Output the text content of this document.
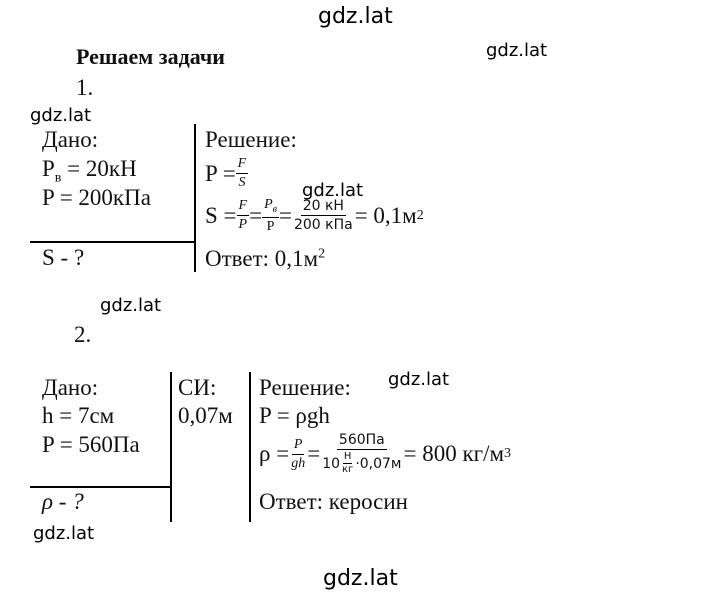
gdz.lat
gdz.lat
gdz.lat
gdz.lat
gdz.lat
gdz.lat
gdz.lat
gdz.lat
Решаем задачи
1.
Дано:
$P_в = 20кН$
P = 200кПа
S - ?
Решение:
$P = \frac{F}{S}$
$S = \frac{F}{P} = \frac{P_в}{P} = \frac{20 кН}{\text{200 кПа}} = 0,1м$ 2
Ответ: $0,1м^2$
2.
Дано:
h = 7см
P = 560Па
ρ - ?
СИ:
0,07м
Решение:
P = ρgh
$\rho = \frac{P}{gh} = \frac{560Па}{10 \frac{Н}{кг} \cdot 0,07м} = 800$ кг/м 3
Ответ: керосин
